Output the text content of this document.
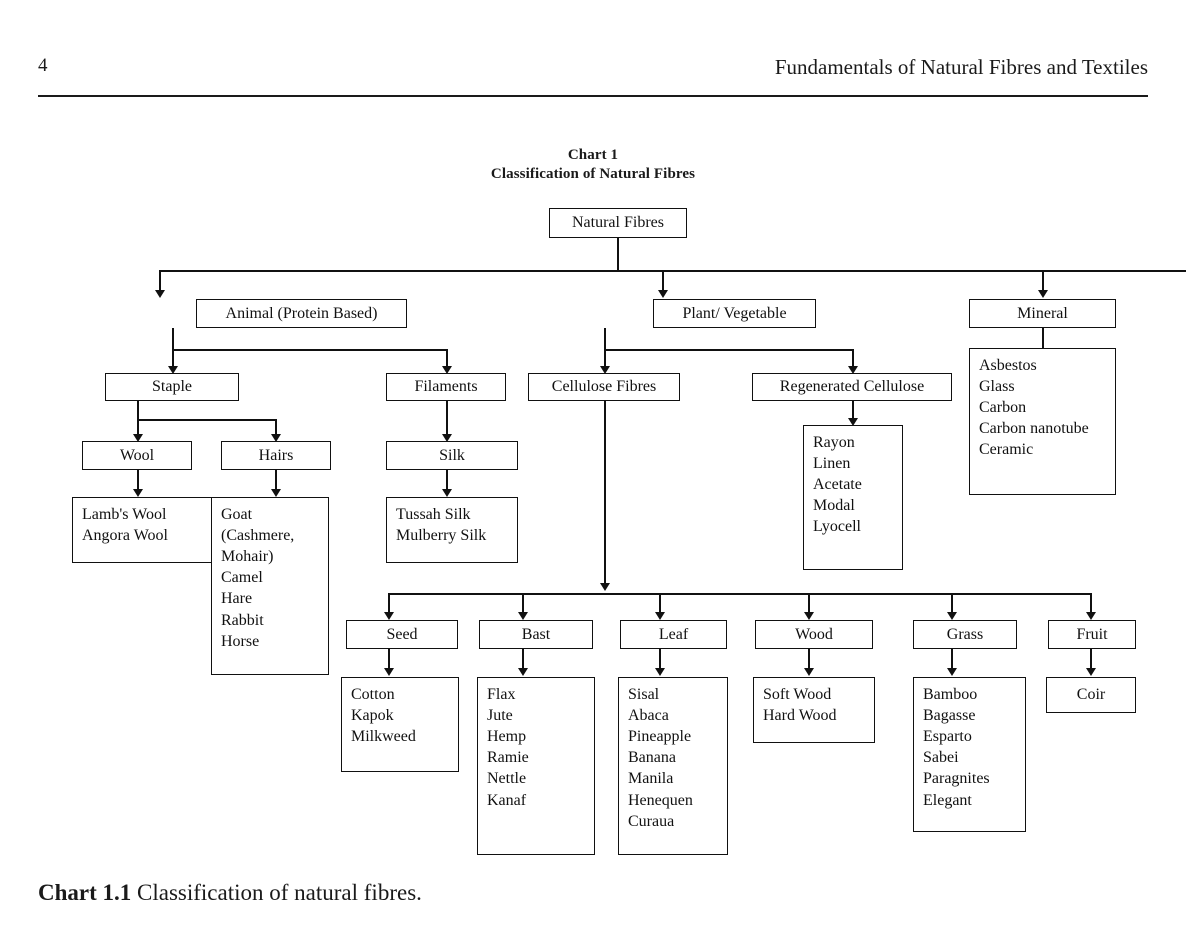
4	Fundamentals of Natural Fibres and Textiles
Chart 1
Classification of Natural Fibres
Natural Fibres
Animal (Protein Based)	Plant/ Vegetable	Mineral
Staple	Filaments	Cellulose Fibres	Regenerated Cellulose
Asbestos
Glass
Carbon
Carbon nanotube
Ceramic
Wool	Hairs	Silk
Rayon
Linen
Acetate
Modal
Lyocell
Lamb's Wool
Angora Wool
Goat
(Cashmere,
Mohair)
Camel
Hare
Rabbit
Horse
Tussah Silk
Mulberry Silk
Seed	Bast	Leaf	Wood	Grass	Fruit
Cotton
Kapok
Milkweed
Flax
Jute
Hemp
Ramie
Nettle
Kanaf
Sisal
Abaca
Pineapple
Banana
Manila
Henequen
Curaua
Soft Wood
Hard Wood
Bamboo
Bagasse
Esparto
Sabei
Paragnites
Elegant
Coir
Chart 1.1 Classification of natural fibres.
